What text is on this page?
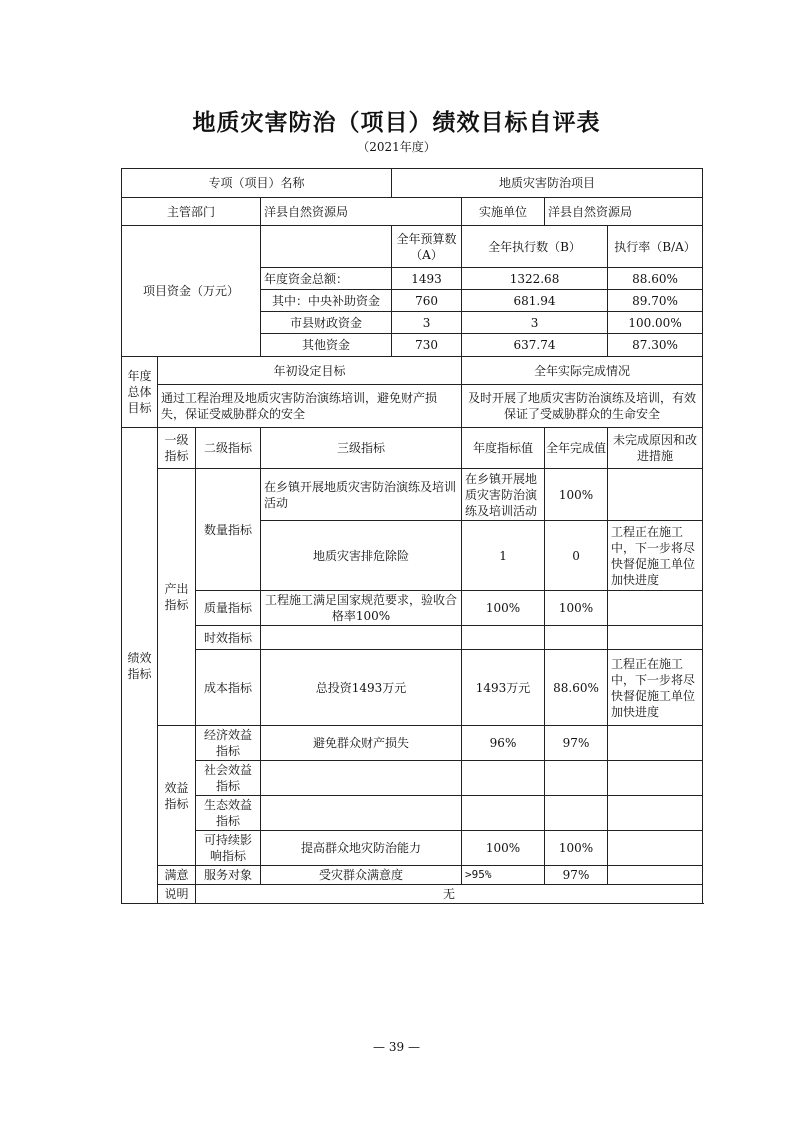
地质灾害防治（项目）绩效目标自评表
（2021年度）
专项（项目）名称				地质灾害防治项目			
主管部门			洋县自然资源局		实施单位	洋县自然资源局	
项目资金（万元）				全年预算数（A）	全年执行数（B）		执行率（B/A）
			年度资金总额：	1493	1322.68		88.60%
			其中：中央补助资金	760	681.94		89.70%
			市县财政资金	3	3		100.00%
			其他资金	730	637.74		87.30%
年度总体目标	年初设定目标				全年实际完成情况		
	通过工程治理及地质灾害防治演练培训，避免财产损失，保证受威胁群众的安全				及时开展了地质灾害防治演练及培训，有效保证了受威胁群众的生命安全		
绩效指标	一级指标	二级指标	三级指标		年度指标值	全年完成值	未完成原因和改进措施
	产出指标	数量指标	在乡镇开展地质灾害防治演练及培训活动		在乡镇开展地质灾害防治演练及培训活动	100%	
			地质灾害排危除险		1	0	工程正在施工中，下一步将尽快督促施工单位加快进度
		质量指标	工程施工满足国家规范要求，验收合格率100%		100%	100%	
		时效指标					
		成本指标	总投资1493万元		1493万元	88.60%	工程正在施工中，下一步将尽快督促施工单位加快进度
	效益指标	经济效益指标	避免群众财产损失		96%	97%	
		社会效益指标					
		生态效益指标					
		可持续影响指标	提高群众地灾防治能力		100%	100%	
	满意	服务对象	受灾群众满意度		>95%	97%	
	说明	无					
— 39 —
